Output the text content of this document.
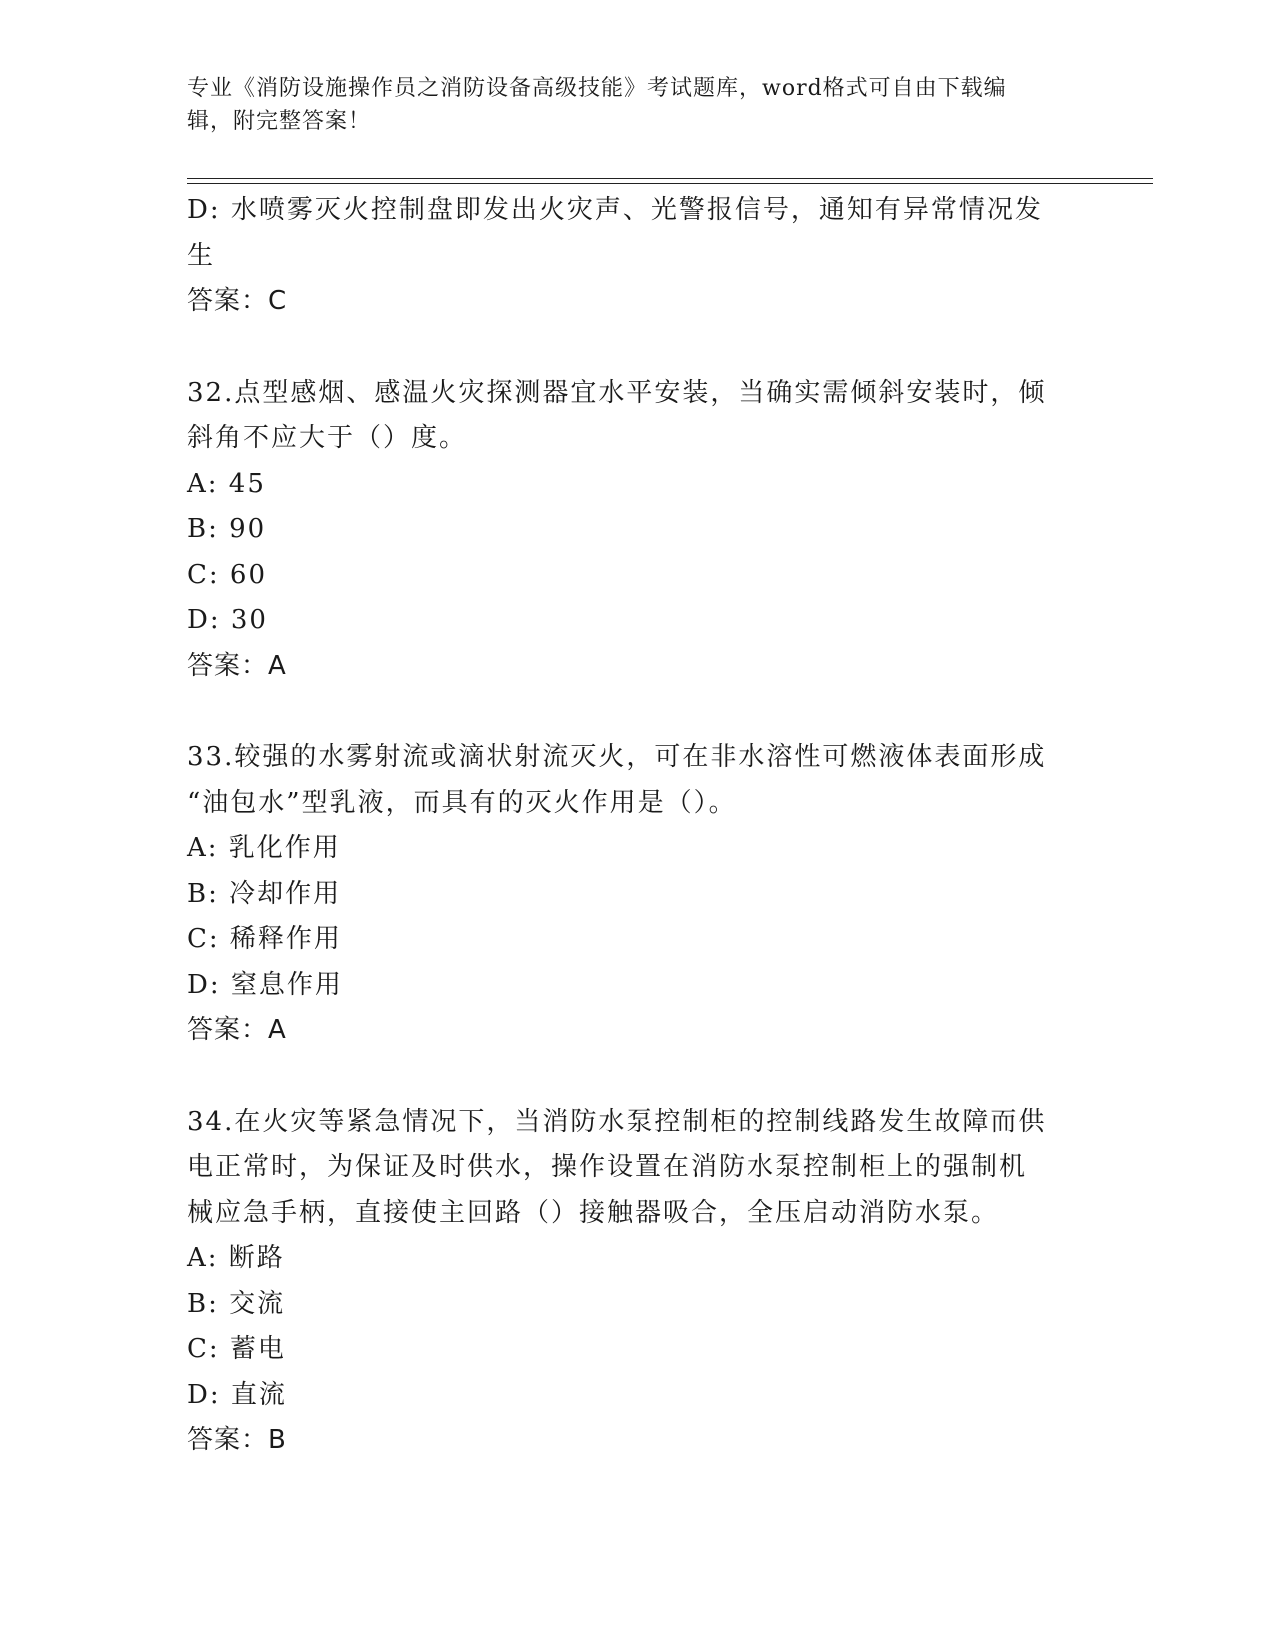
专业《消防设施操作员之消防设备高级技能》考试题库，word格式可自由下载编
辑，附完整答案！

D: 水喷雾灭火控制盘即发出火灾声、光警报信号，通知有异常情况发

生

答案：C

32.点型感烟、感温火灾探测器宜水平安装，当确实需倾斜安装时，倾

斜角不应大于（）度。

A: 45

B: 90

C: 60

D: 30

答案：A

33.较强的水雾射流或滴状射流灭火，可在非水溶性可燃液体表面形成

“油包水”型乳液，而具有的灭火作用是（）。

A: 乳化作用

B: 冷却作用

C: 稀释作用

D: 窒息作用

答案：A

34.在火灾等紧急情况下，当消防水泵控制柜的控制线路发生故障而供

电正常时，为保证及时供水，操作设置在消防水泵控制柜上的强制机

械应急手柄，直接使主回路（）接触器吸合，全压启动消防水泵。

A: 断路

B: 交流

C: 蓄电

D: 直流

答案：B
